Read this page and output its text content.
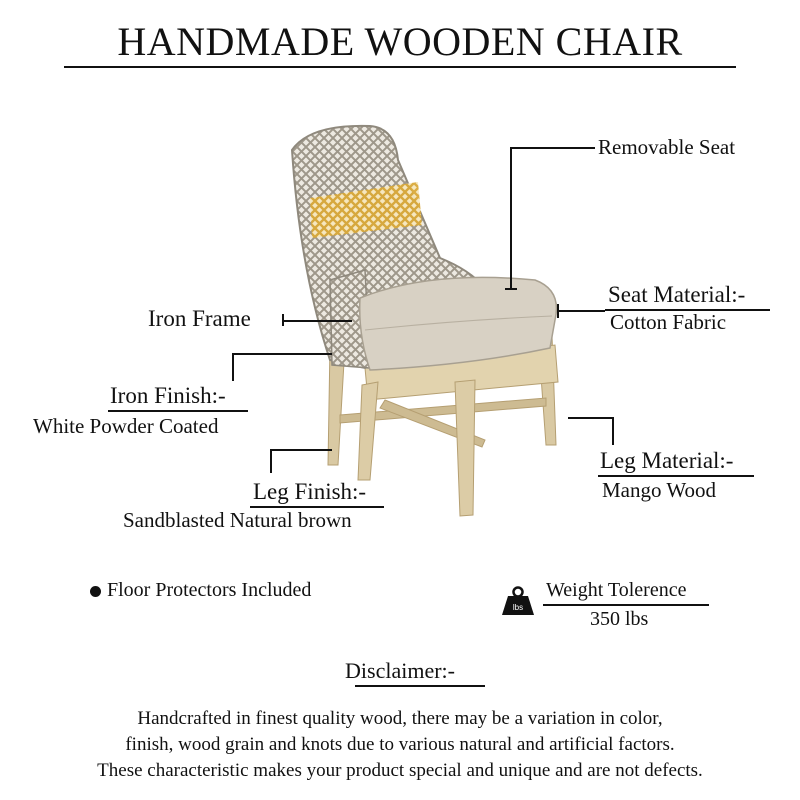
HANDMADE WOODEN CHAIR
Removable Seat
Seat Material:-
Cotton Fabric
Iron Frame
Iron Finish:-
White Powder Coated
Leg Material:-
Mango Wood
Leg Finish:-
Sandblasted Natural brown
Floor Protectors Included
lbs
Weight Tolerence
350 lbs
Disclaimer:-
Handcrafted in finest quality wood, there may be a variation in color,
finish, wood grain and knots due to various natural and artificial factors.
These characteristic makes your product special and unique and are not defects.
